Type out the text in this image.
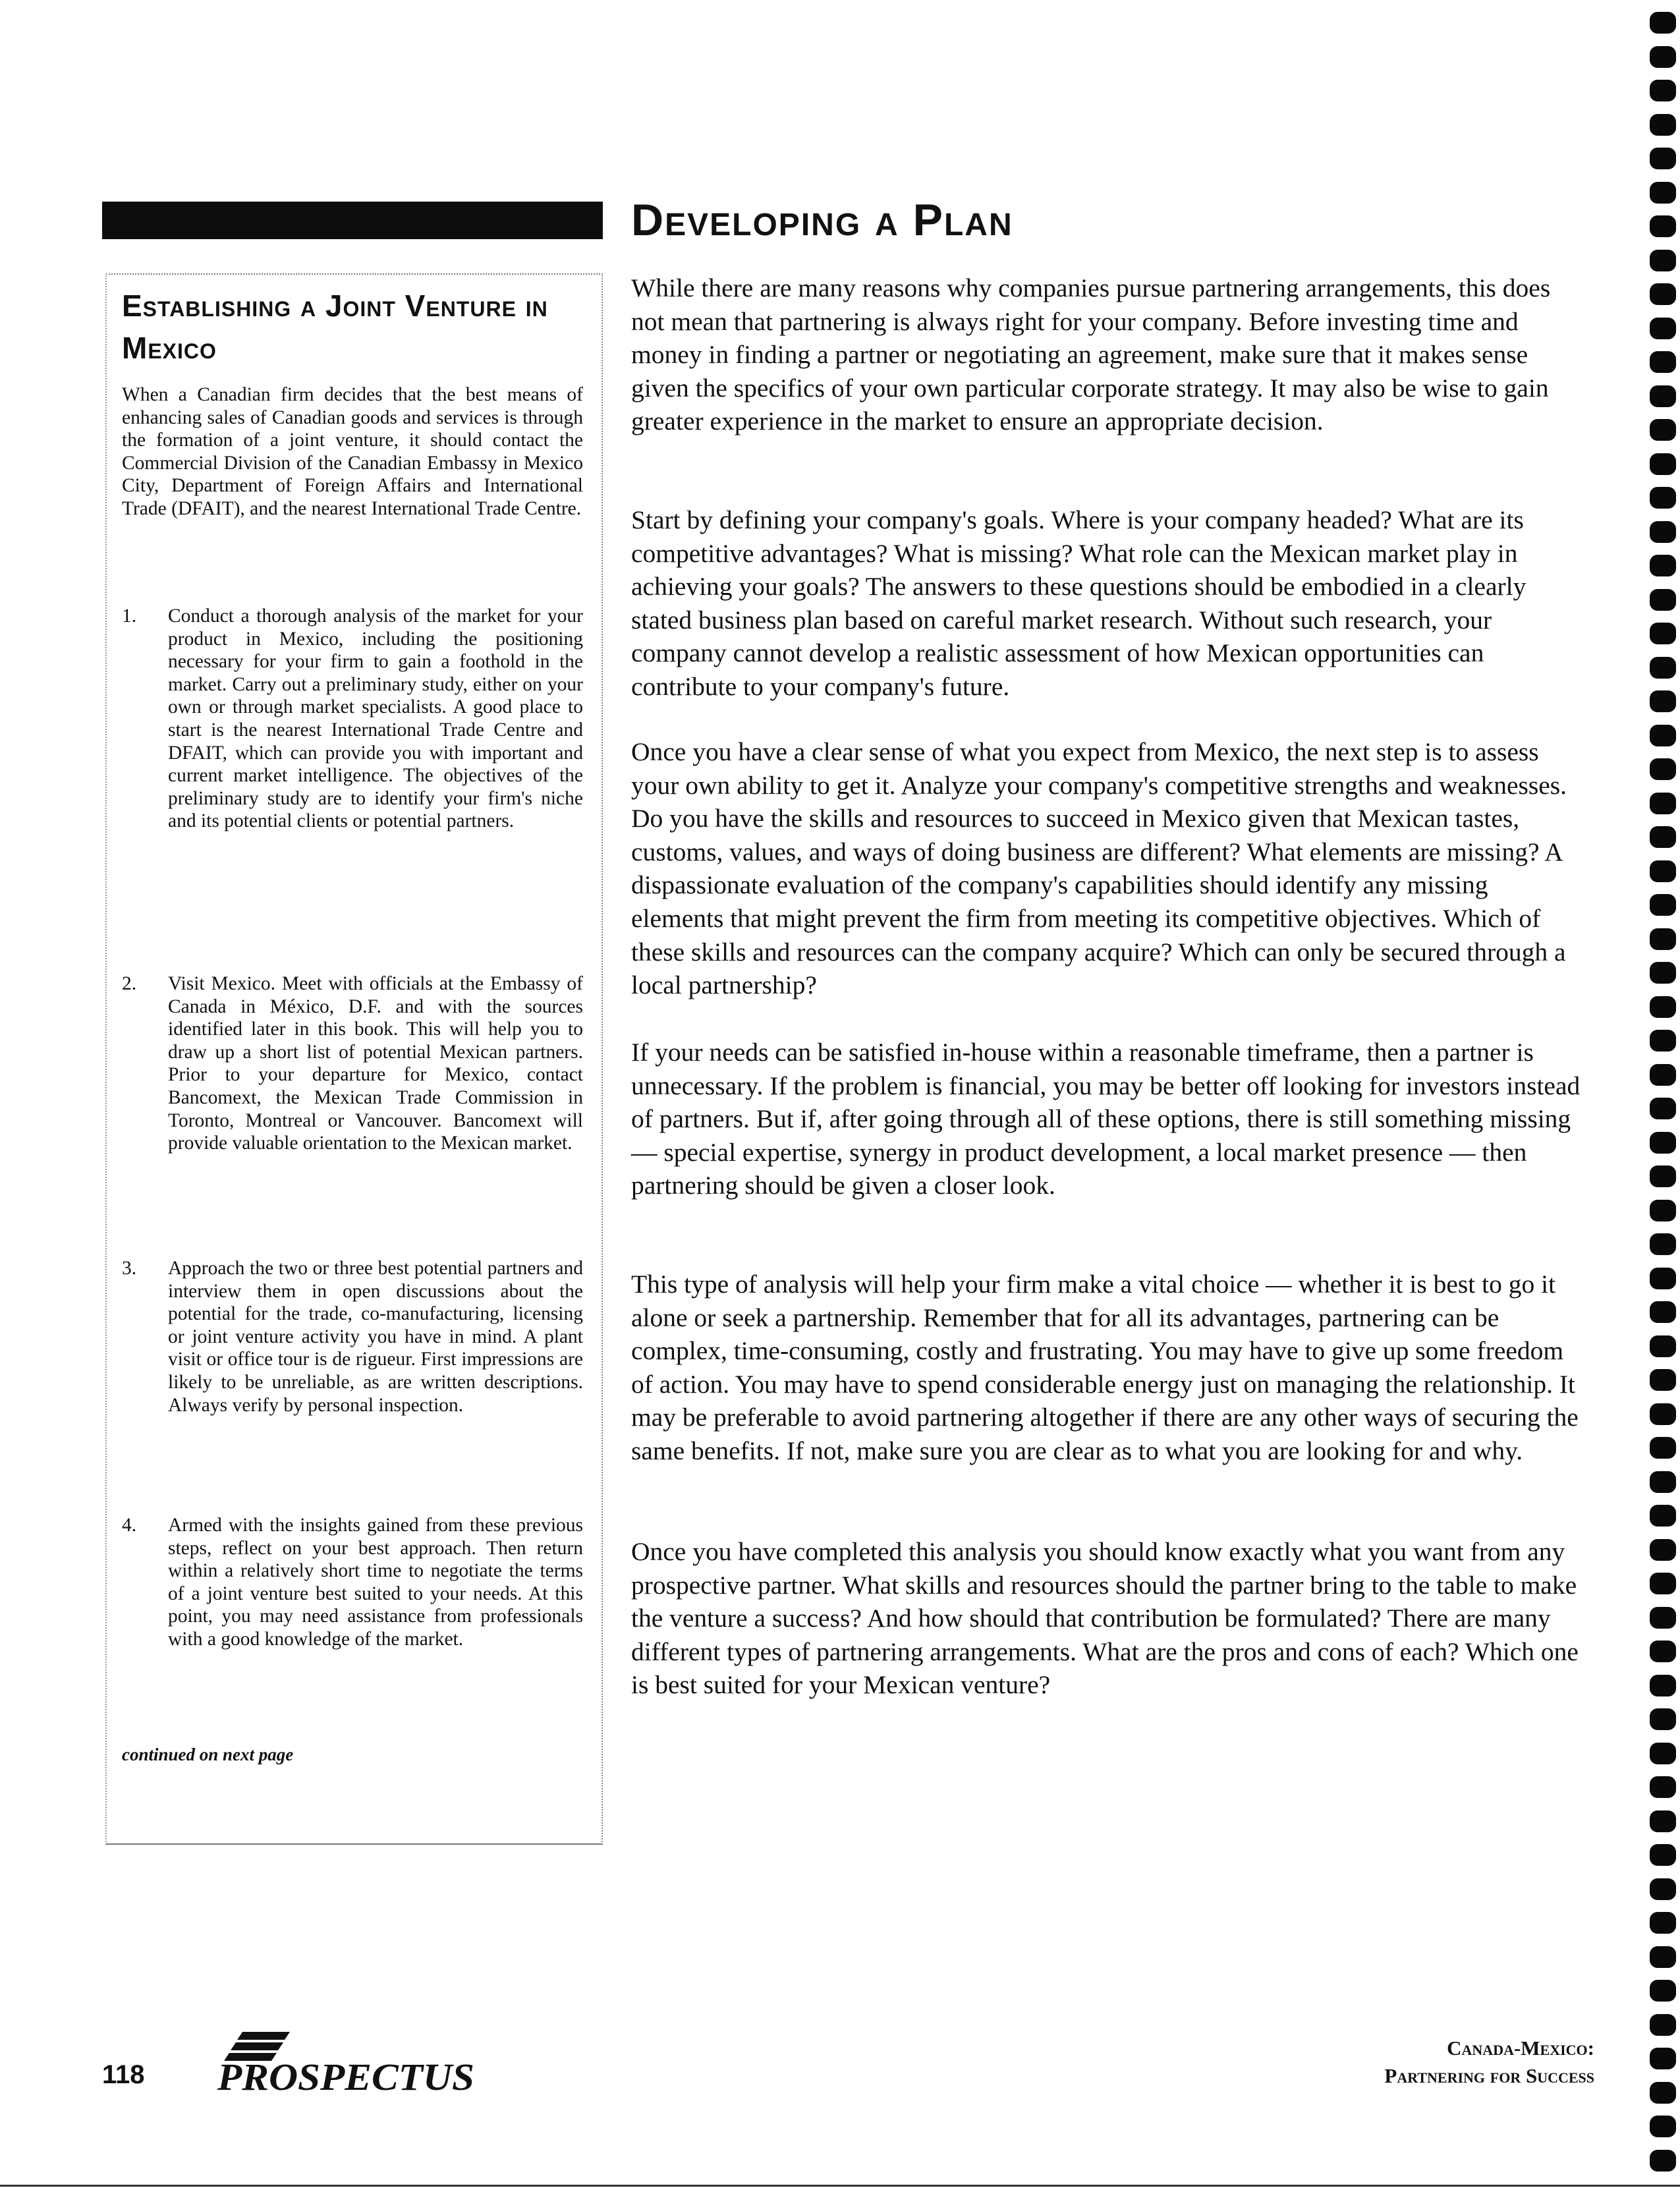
Establishing a Joint Venture in Mexico

When a Canadian firm decides that the best means of enhancing sales of Canadian goods and services is through the formation of a joint venture, it should contact the Commercial Division of the Canadian Embassy in Mexico City, Department of Foreign Affairs and International Trade (DFAIT), and the nearest International Trade Centre.

1. Conduct a thorough analysis of the market for your product in Mexico, including the positioning necessary for your firm to gain a foothold in the market. Carry out a preliminary study, either on your own or through market specialists. A good place to start is the nearest International Trade Centre and DFAIT, which can provide you with important and current market intelligence. The objectives of the preliminary study are to identify your firm's niche and its potential clients or potential partners.

2. Visit Mexico. Meet with officials at the Embassy of Canada in México, D.F. and with the sources identified later in this book. This will help you to draw up a short list of potential Mexican partners. Prior to your departure for Mexico, contact Bancomext, the Mexican Trade Commission in Toronto, Montreal or Vancouver. Bancomext will provide valuable orientation to the Mexican market.

3. Approach the two or three best potential partners and interview them in open discussions about the potential for the trade, co-manufacturing, licensing or joint venture activity you have in mind. A plant visit or office tour is de rigueur. First impressions are likely to be unreliable, as are written descriptions. Always verify by personal inspection.

4. Armed with the insights gained from these previous steps, reflect on your best approach. Then return within a relatively short time to negotiate the terms of a joint venture best suited to your needs. At this point, you may need assistance from professionals with a good knowledge of the market.

continued on next page

Developing a Plan

While there are many reasons why companies pursue partnering arrangements, this does not mean that partnering is always right for your company. Before investing time and money in finding a partner or negotiating an agreement, make sure that it makes sense given the specifics of your own particular corporate strategy. It may also be wise to gain greater experience in the market to ensure an appropriate decision.

Start by defining your company's goals. Where is your company headed? What are its competitive advantages? What is missing? What role can the Mexican market play in achieving your goals? The answers to these questions should be embodied in a clearly stated business plan based on careful market research. Without such research, your company cannot develop a realistic assessment of how Mexican opportunities can contribute to your company's future.

Once you have a clear sense of what you expect from Mexico, the next step is to assess your own ability to get it. Analyze your company's competitive strengths and weaknesses. Do you have the skills and resources to succeed in Mexico given that Mexican tastes, customs, values, and ways of doing business are different? What elements are missing? A dispassionate evaluation of the company's capabilities should identify any missing elements that might prevent the firm from meeting its competitive objectives. Which of these skills and resources can the company acquire? Which can only be secured through a local partnership?

If your needs can be satisfied in-house within a reasonable timeframe, then a partner is unnecessary. If the problem is financial, you may be better off looking for investors instead of partners. But if, after going through all of these options, there is still something missing — special expertise, synergy in product development, a local market presence — then partnering should be given a closer look.

This type of analysis will help your firm make a vital choice — whether it is best to go it alone or seek a partnership. Remember that for all its advantages, partnering can be complex, time-consuming, costly and frustrating. You may have to give up some freedom of action. You may have to spend considerable energy just on managing the relationship. It may be preferable to avoid partnering altogether if there are any other ways of securing the same benefits. If not, make sure you are clear as to what you are looking for and why.

Once you have completed this analysis you should know exactly what you want from any prospective partner. What skills and resources should the partner bring to the table to make the venture a success? And how should that contribution be formulated? There are many different types of partnering arrangements. What are the pros and cons of each? Which one is best suited for your Mexican venture?

118 PROSPECTUS
Canada-Mexico:
Partnering for Success
